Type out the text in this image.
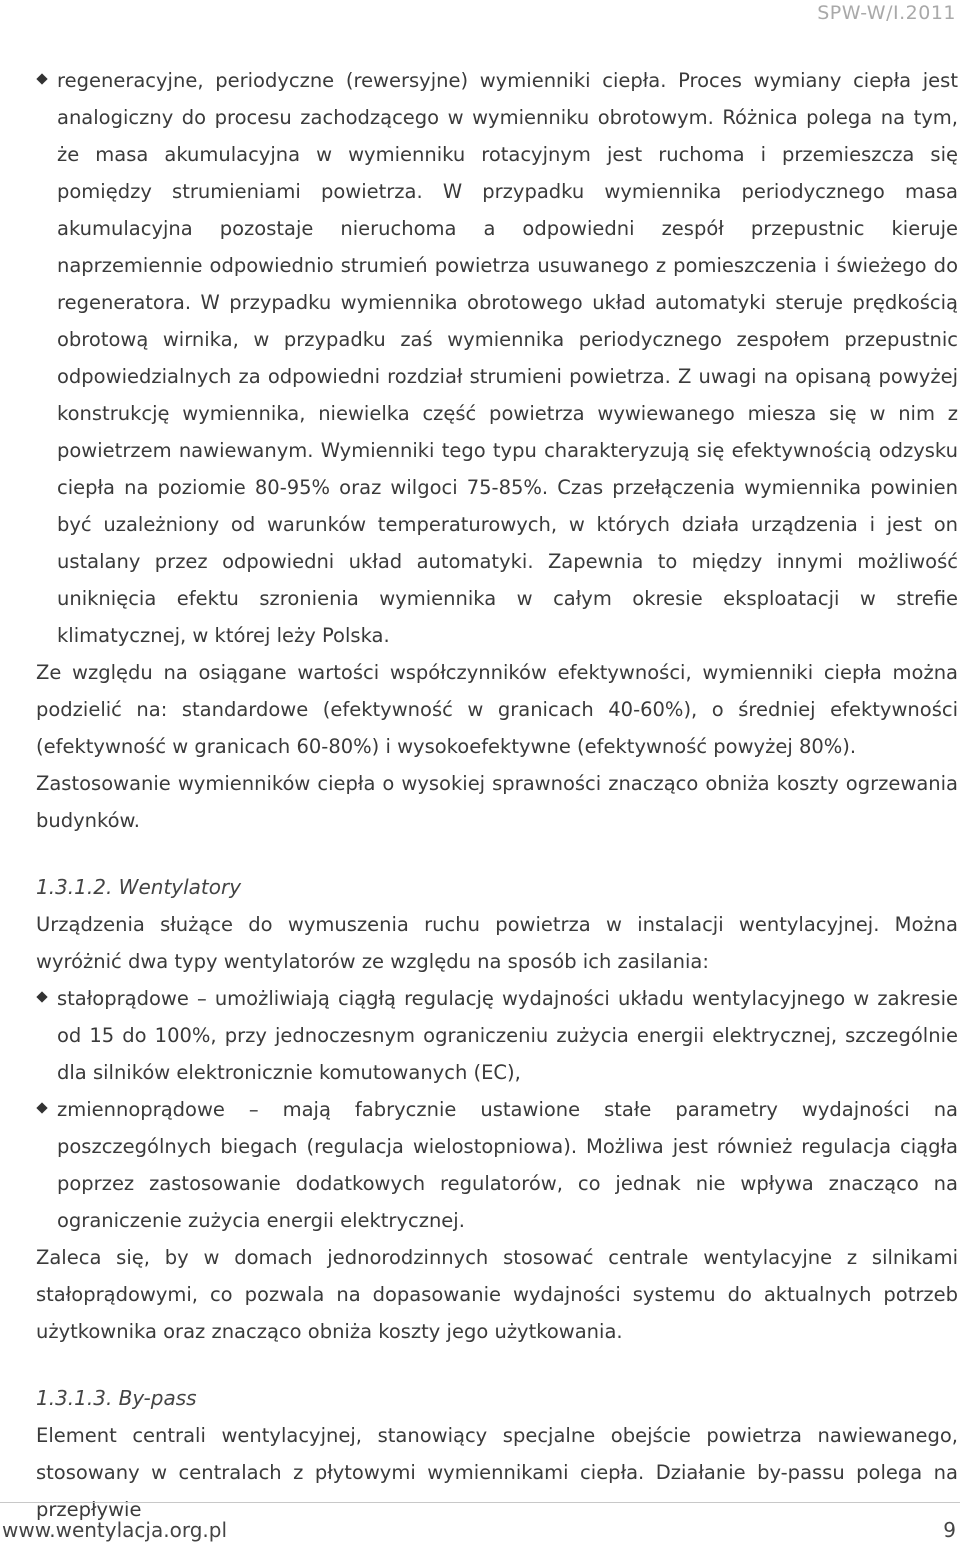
SPW-W/I.2011

regeneracyjne, periodyczne (rewersyjne) wymienniki ciepła. Proces wymiany ciepła jest analogiczny do procesu zachodzącego w wymienniku obrotowym. Różnica polega na tym, że masa akumulacyjna w wymienniku rotacyjnym jest ruchoma i przemieszcza się pomiędzy strumieniami powietrza. W przypadku wymiennika periodycznego masa akumulacyjna pozostaje nieruchoma a odpowiedni zespół przepustnic kieruje naprzemiennie odpowiednio strumień powietrza usuwanego z pomieszczenia i świeżego do regeneratora. W przypadku wymiennika obrotowego układ automatyki steruje prędkością obrotową wirnika, w przypadku zaś wymiennika periodycznego zespołem przepustnic odpowiedzialnych za odpowiedni rozdział strumieni powietrza. Z uwagi na opisaną powyżej konstrukcję wymiennika, niewielka część powietrza wywiewanego miesza się w nim z powietrzem nawiewanym. Wymienniki tego typu charakteryzują się efektywnością odzysku ciepła na poziomie 80-95% oraz wilgoci 75-85%. Czas przełączenia wymiennika powinien być uzależniony od warunków temperaturowych, w których działa urządzenia i jest on ustalany przez odpowiedni układ automatyki. Zapewnia to między innymi możliwość uniknięcia efektu szronienia wymiennika w całym okresie eksploatacji w strefie klimatycznej, w której leży Polska.

Ze względu na osiągane wartości współczynników efektywności, wymienniki ciepła można podzielić na: standardowe (efektywność w granicach 40-60%), o średniej efektywności (efektywność w granicach 60-80%) i wysokoefektywne (efektywność powyżej 80%).

Zastosowanie wymienników ciepła o wysokiej sprawności znacząco obniża koszty ogrzewania budynków.

1.3.1.2. Wentylatory

Urządzenia służące do wymuszenia ruchu powietrza w instalacji wentylacyjnej. Można wyróżnić dwa typy wentylatorów ze względu na sposób ich zasilania:

stałoprądowe – umożliwiają ciągłą regulację wydajności układu wentylacyjnego w zakresie od 15 do 100%, przy jednoczesnym ograniczeniu zużycia energii elektrycznej, szczególnie dla silników elektronicznie komutowanych (EC),

zmiennoprądowe – mają fabrycznie ustawione stałe parametry wydajności na poszczególnych biegach (regulacja wielostopniowa). Możliwa jest również regulacja ciągła poprzez zastosowanie dodatkowych regulatorów, co jednak nie wpływa znacząco na ograniczenie zużycia energii elektrycznej.

Zaleca się, by w domach jednorodzinnych stosować centrale wentylacyjne z silnikami stałoprądowymi, co pozwala na dopasowanie wydajności systemu do aktualnych potrzeb użytkownika oraz znacząco obniża koszty jego użytkowania.

1.3.1.3. By-pass

Element centrali wentylacyjnej, stanowiący specjalne obejście powietrza nawiewanego, stosowany w centralach z płytowymi wymiennikami ciepła. Działanie by-passu polega na przepływie

www.wentylacja.org.pl	9
